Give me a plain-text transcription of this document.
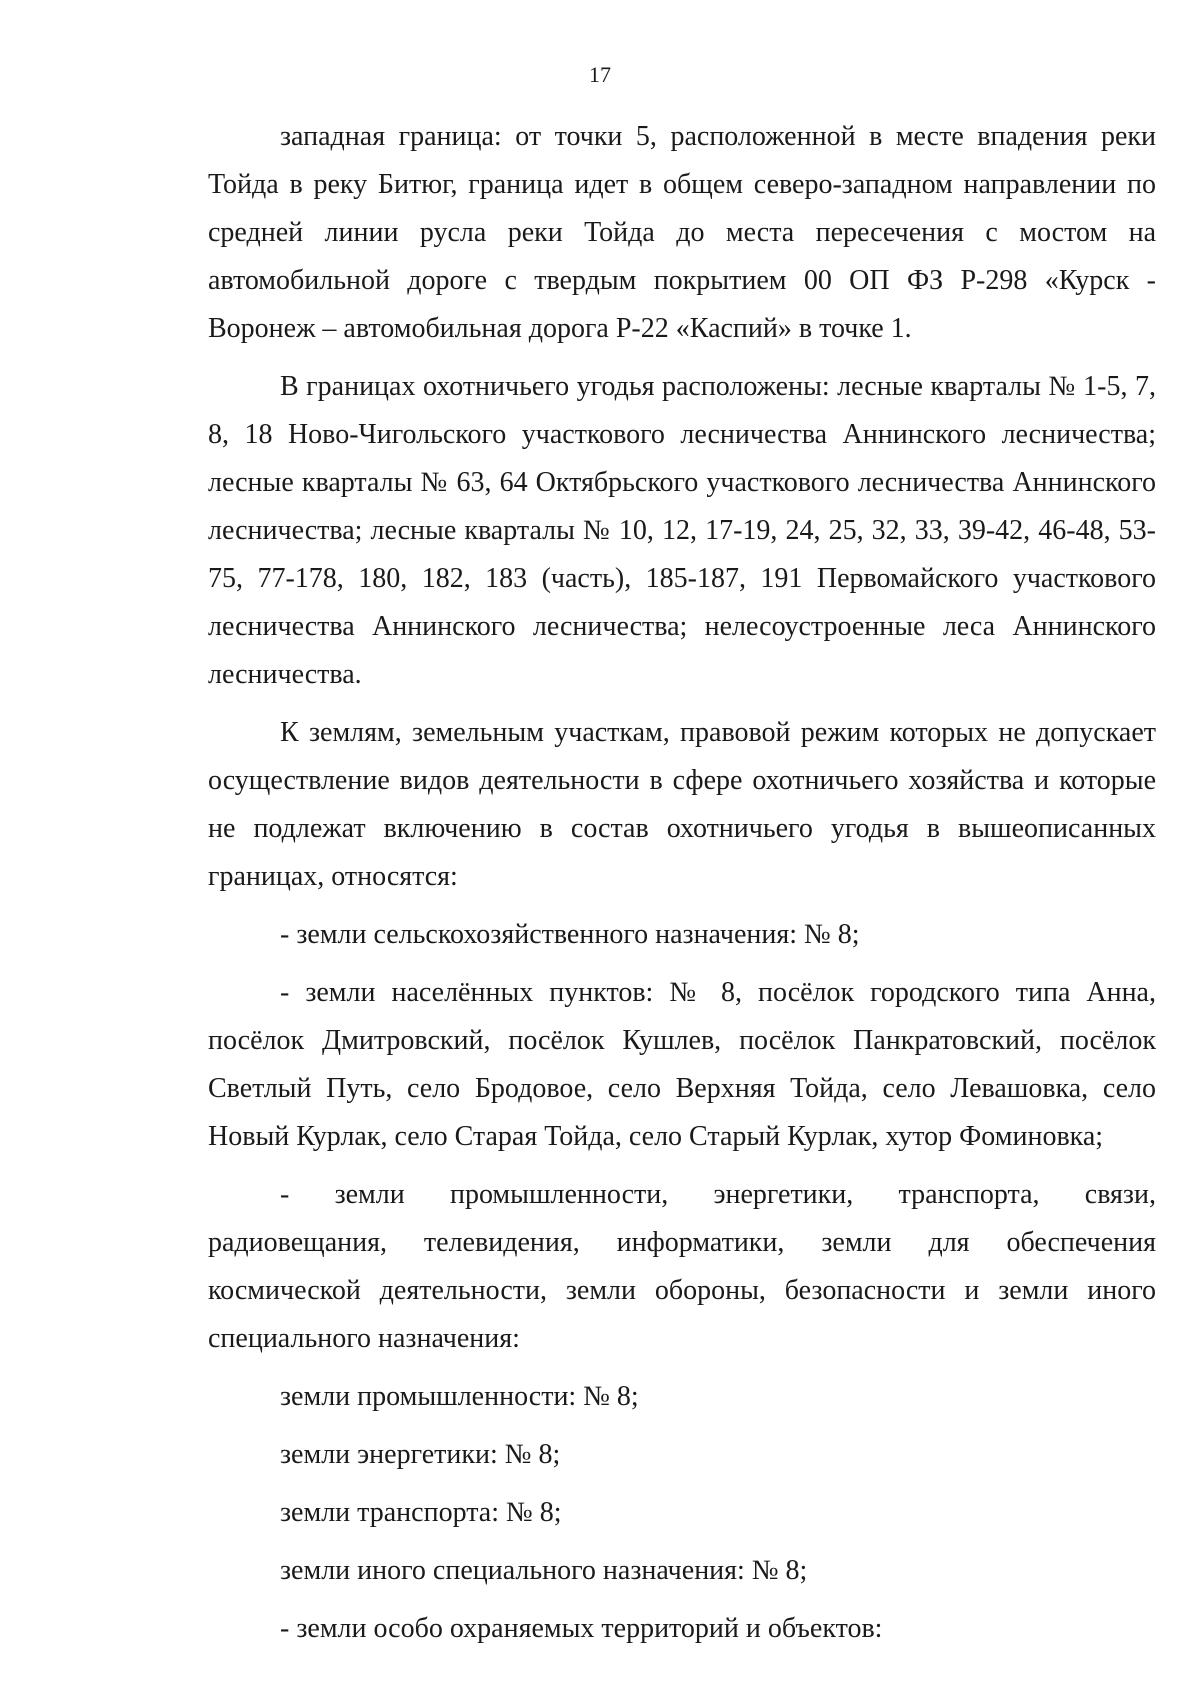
17

западная граница: от точки 5, расположенной в месте впадения реки Тойда в реку Битюг, граница идет в общем северо-западном направлении по средней линии русла реки Тойда до места пересечения с мостом на автомобильной дороге с твердым покрытием 00 ОП ФЗ Р-298 «Курск - Воронеж – автомобильная дорога Р-22 «Каспий» в точке 1.

В границах охотничьего угодья расположены: лесные кварталы № 1-5, 7, 8, 18 Ново-Чигольского участкового лесничества Аннинского лесничества; лесные кварталы № 63, 64 Октябрьского участкового лесничества Аннинского лесничества; лесные кварталы № 10, 12, 17-19, 24, 25, 32, 33, 39-42, 46-48, 53-75, 77-178, 180, 182, 183 (часть), 185-187, 191 Первомайского участкового лесничества Аннинского лесничества; нелесоустроенные леса Аннинского лесничества.

К землям, земельным участкам, правовой режим которых не допускает осуществление видов деятельности в сфере охотничьего хозяйства и которые не подлежат включению в состав охотничьего угодья в вышеописанных границах, относятся:

- земли сельскохозяйственного назначения: № 8;

- земли населённых пунктов: № 8, посёлок городского типа Анна, посёлок Дмитровский, посёлок Кушлев, посёлок Панкратовский, посёлок Светлый Путь, село Бродовое, село Верхняя Тойда, село Левашовка, село Новый Курлак, село Старая Тойда, село Старый Курлак, хутор Фоминовка;

- земли промышленности, энергетики, транспорта, связи,

радиовещания, телевидения, информатики, земли для обеспечения космической деятельности, земли обороны, безопасности и земли иного специального назначения:

земли промышленности: № 8;

земли энергетики: № 8;

земли транспорта: № 8;

земли иного специального назначения: № 8;

- земли особо охраняемых территорий и объектов:
